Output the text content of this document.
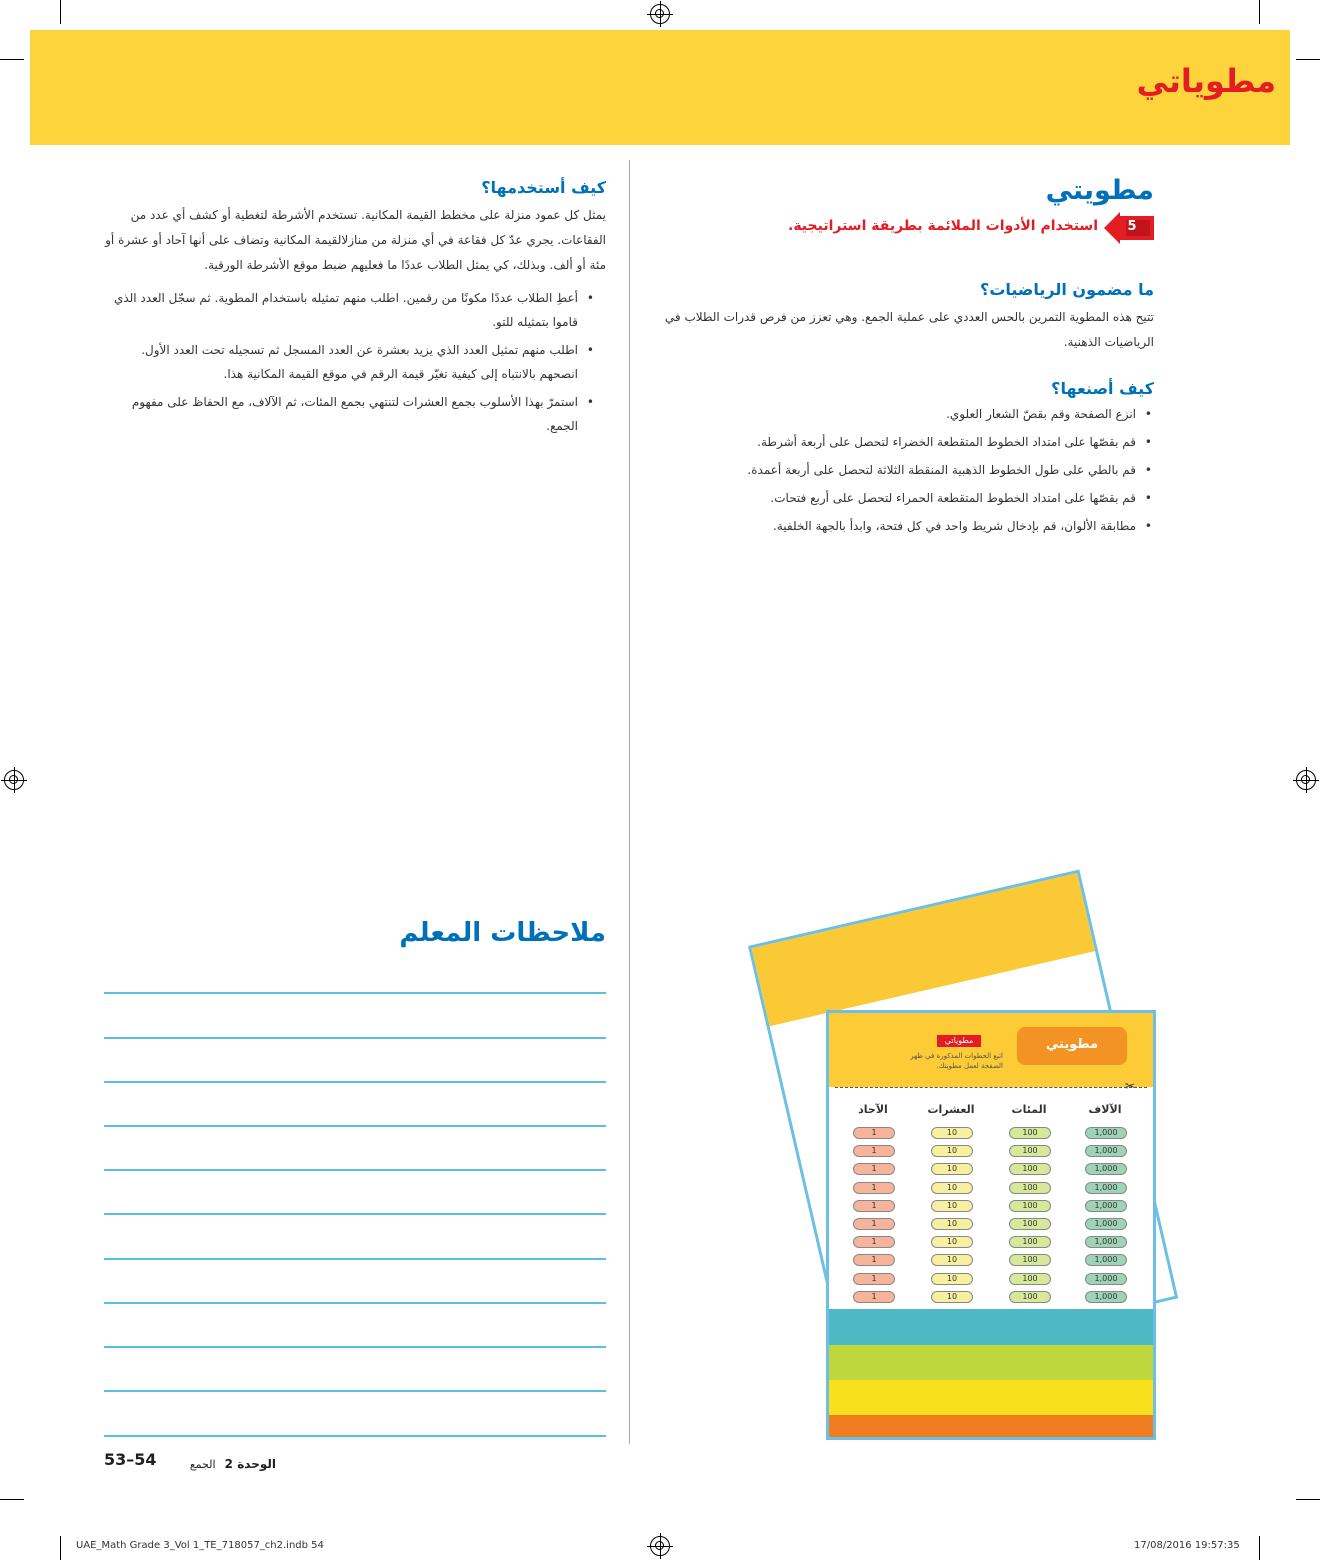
مطوياتي
مطويتي
5
استخدام الأدوات الملائمة بطريقة استراتيجية.
ما مضمون الرياضيات؟
تتيح هذه المطوية التمرين بالحس العددي على عملية الجمع. وهي تعزز من فرص قدرات الطلاب في الرياضيات الذهنية.
كيف أصنعها؟
• انزع الصفحة وقم بقصّ الشعار العلوي.
• قم بقصّها على امتداد الخطوط المتقطعة الخضراء لتحصل على أربعة أشرطة.
• قم بالطي على طول الخطوط الذهبية المنقطة الثلاثة لتحصل على أربعة أعمدة.
• قم بقصّها على امتداد الخطوط المتقطعة الحمراء لتحصل على أربع فتحات.
• مطابقة الألوان، قم بإدخال شريط واحد في كل فتحة، وابدأ بالجهة الخلفية.
كيف أستخدمها؟
يمثل كل عمود منزلة على مخطط القيمة المكانية. تستخدم الأشرطة لتغطية أو كشف أي عدد من الفقاعات. يجري عدّ كل فقاعة في أي منزلة من منازلالقيمة المكانية وتضاف على أنها آحاد أو عشرة أو مئة أو ألف. وبذلك، كي يمثل الطلاب عددًا ما فعليهم ضبط موقع الأشرطة الورقية.
• أعطِ الطلاب عددًا مكونًا من رقمين. اطلب منهم تمثيله باستخدام المطوية. ثم سجّل العدد الذي قاموا بتمثيله للتو.
• اطلب منهم تمثيل العدد الذي يزيد بعشرة عن العدد المسجل ثم تسجيله تحت العدد الأول. انصحهم بالانتباه إلى كيفية تغيّر قيمة الرقم في موقع القيمة المكانية هذا.
• استمرّ بهذا الأسلوب بجمع العشرات لتنتهي بجمع المئات، ثم الآلاف، مع الحفاظ على مفهوم الجمع.
ملاحظات المعلم
مطويتي
مطوياتي
اتبع الخطوات المذكورة في ظهر الصفحة لعمل مطويتك.
✂
الآلاف
المئات
العشرات
الآحاد
1,000
100
10
1
1,000
100
10
1
1,000
100
10
1
1,000
100
10
1
1,000
100
10
1
1,000
100
10
1
1,000
100
10
1
1,000
100
10
1
1,000
100
10
1
1,000
100
10
1
53–54	الوحدة 2 الجمع
UAE_Math Grade 3_Vol 1_TE_718057_ch2.indb 54	17/08/2016 19:57:35
